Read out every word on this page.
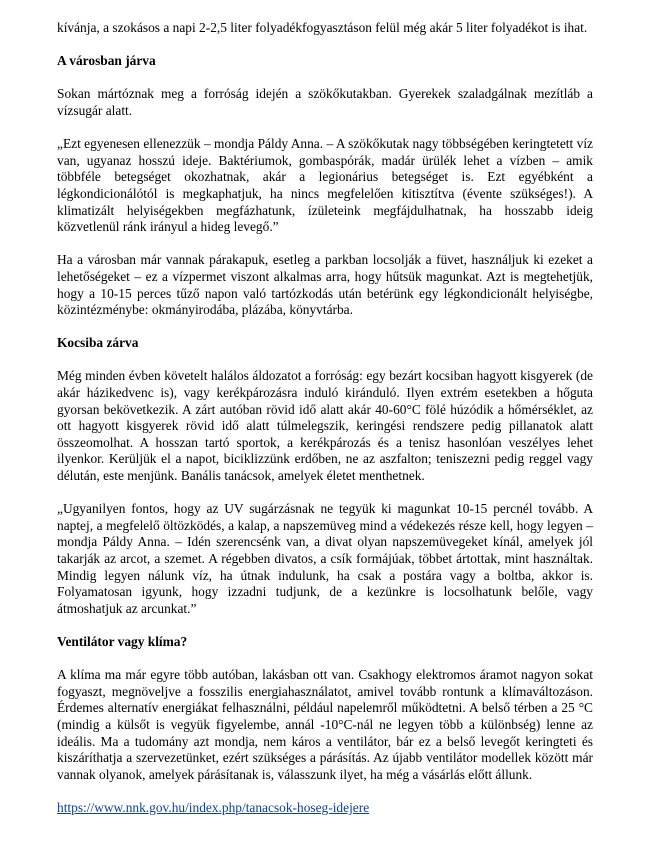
kívánja, a szokásos a napi 2-2,5 liter folyadékfogyasztáson felül még akár 5 liter folyadékot is ihat.

A városban járva

Sokan mártóznak meg a forróság idején a szökőkutakban. Gyerekek szaladgálnak mezítláb a vízsugár alatt.

„Ezt egyenesen ellenezzük – mondja Páldy Anna. – A szökőkutak nagy többségében keringtetett víz van, ugyanaz hosszú ideje. Baktériumok, gombaspórák, madár ürülék lehet a vízben – amik többféle betegséget okozhatnak, akár a legionárius betegséget is. Ezt egyébként a légkondicionálótól is megkaphatjuk, ha nincs megfelelően kitisztítva (évente szükséges!). A klimatizált helyiségekben megfázhatunk, ízületeink megfájdulhatnak, ha hosszabb ideig közvetlenül ránk irányul a hideg levegő.”

Ha a városban már vannak párakapuk, esetleg a parkban locsolják a füvet, használjuk ki ezeket a lehetőségeket – ez a vízpermet viszont alkalmas arra, hogy hűtsük magunkat. Azt is megtehetjük, hogy a 10-15 perces tűző napon való tartózkodás után betérünk egy légkondicionált helyiségbe, közintézménybe: okmányirodába, plázába, könyvtárba.

Kocsiba zárva

Még minden évben követelt halálos áldozatot a forróság: egy bezárt kocsiban hagyott kisgyerek (de akár házikedvenc is), vagy kerékpározásra induló kiránduló. Ilyen extrém esetekben a hőguta gyorsan bekövetkezik. A zárt autóban rövid idő alatt akár 40-60°C fölé húzódik a hőmérséklet, az ott hagyott kisgyerek rövid idő alatt túlmelegszik, keringési rendszere pedig pillanatok alatt összeomolhat. A hosszan tartó sportok, a kerékpározás és a tenisz hasonlóan veszélyes lehet ilyenkor. Kerüljük el a napot, biciklizzünk erdőben, ne az aszfalton; teniszezni pedig reggel vagy délután, este menjünk. Banális tanácsok, amelyek életet menthetnek.

„Ugyanilyen fontos, hogy az UV sugárzásnak ne tegyük ki magunkat 10-15 percnél tovább. A naptej, a megfelelő öltözködés, a kalap, a napszemüveg mind a védekezés része kell, hogy legyen – mondja Páldy Anna. – Idén szerencsénk van, a divat olyan napszemüvegeket kínál, amelyek jól takarják az arcot, a szemet. A régebben divatos, a csík formájúak, többet ártottak, mint használtak. Mindig legyen nálunk víz, ha útnak indulunk, ha csak a postára vagy a boltba, akkor is. Folyamatosan igyunk, hogy izzadni tudjunk, de a kezünkre is locsolhatunk belőle, vagy átmoshatjuk az arcunkat.”

Ventilátor vagy klíma?

A klíma ma már egyre több autóban, lakásban ott van. Csakhogy elektromos áramot nagyon sokat fogyaszt, megnöveljve a fosszilis energiahasználatot, amivel tovább rontunk a klímaváltozáson. Érdemes alternatív energiákat felhasználni, például napelemről működtetni. A belső térben a 25 °C (mindig a külsőt is vegyük figyelembe, annál -10°C-nál ne legyen több a különbség) lenne az ideális. Ma a tudomány azt mondja, nem káros a ventilátor, bár ez a belső levegőt keringteti és kiszáríthatja a szervezetünket, ezért szükséges a párásítás. Az újabb ventilátor modellek között már vannak olyanok, amelyek párásítanak is, válasszunk ilyet, ha még a vásárlás előtt állunk.

https://www.nnk.gov.hu/index.php/tanacsok-hoseg-idejere
